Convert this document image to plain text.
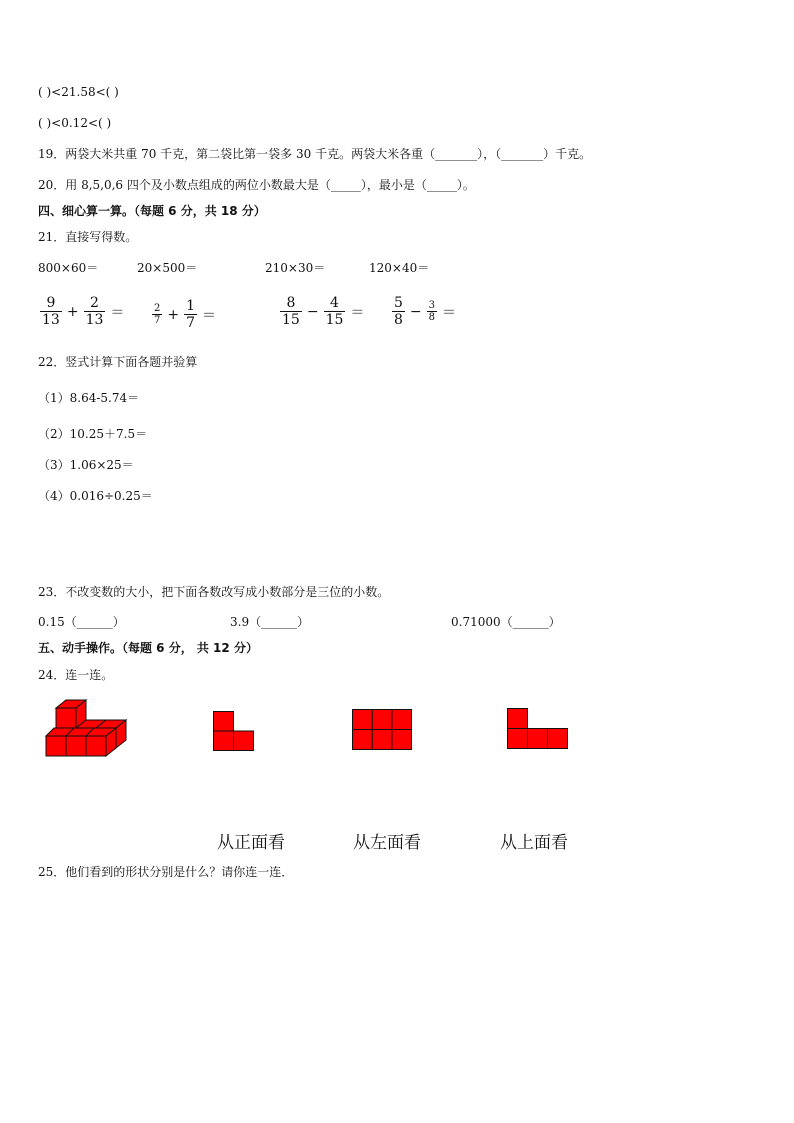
( )<21.58<( )
( )<0.12<( )
19．两袋大米共重 70 千克，第二袋比第一袋多 30 千克。两袋大米各重（_______），（_______）千克。
20．用 8,5,0,6 四个及小数点组成的两位小数最大是（_____），最小是（_____）。
四、细心算一算。（每题 6 分，共 18 分）
21．直接写得数。
800×60＝	20×500＝	210×30＝	120×40＝
$\frac{9}{13} + \frac{2}{13}$ ＝	$\frac{2}{7} + \frac{1}{7}$ ＝	$\frac{8}{15} - \frac{4}{15} = \frac{5}{8} - \frac{3}{8}$ ＝
22．竖式计算下面各题并验算
（1）8.64-5.74＝
（2）10.25＋7.5＝
（3）1.06×25＝
（4）0.016÷0.25＝
23．不改变数的大小，把下面各数改写成小数部分是三位的小数。
0.15（______）	3.9（______）	0.71000（______）
五、动手操作。（每题 6 分， 共 12 分）
24．连一连。
从正面看	从左面看	从上面看
25．他们看到的形状分别是什么？请你连一连．
